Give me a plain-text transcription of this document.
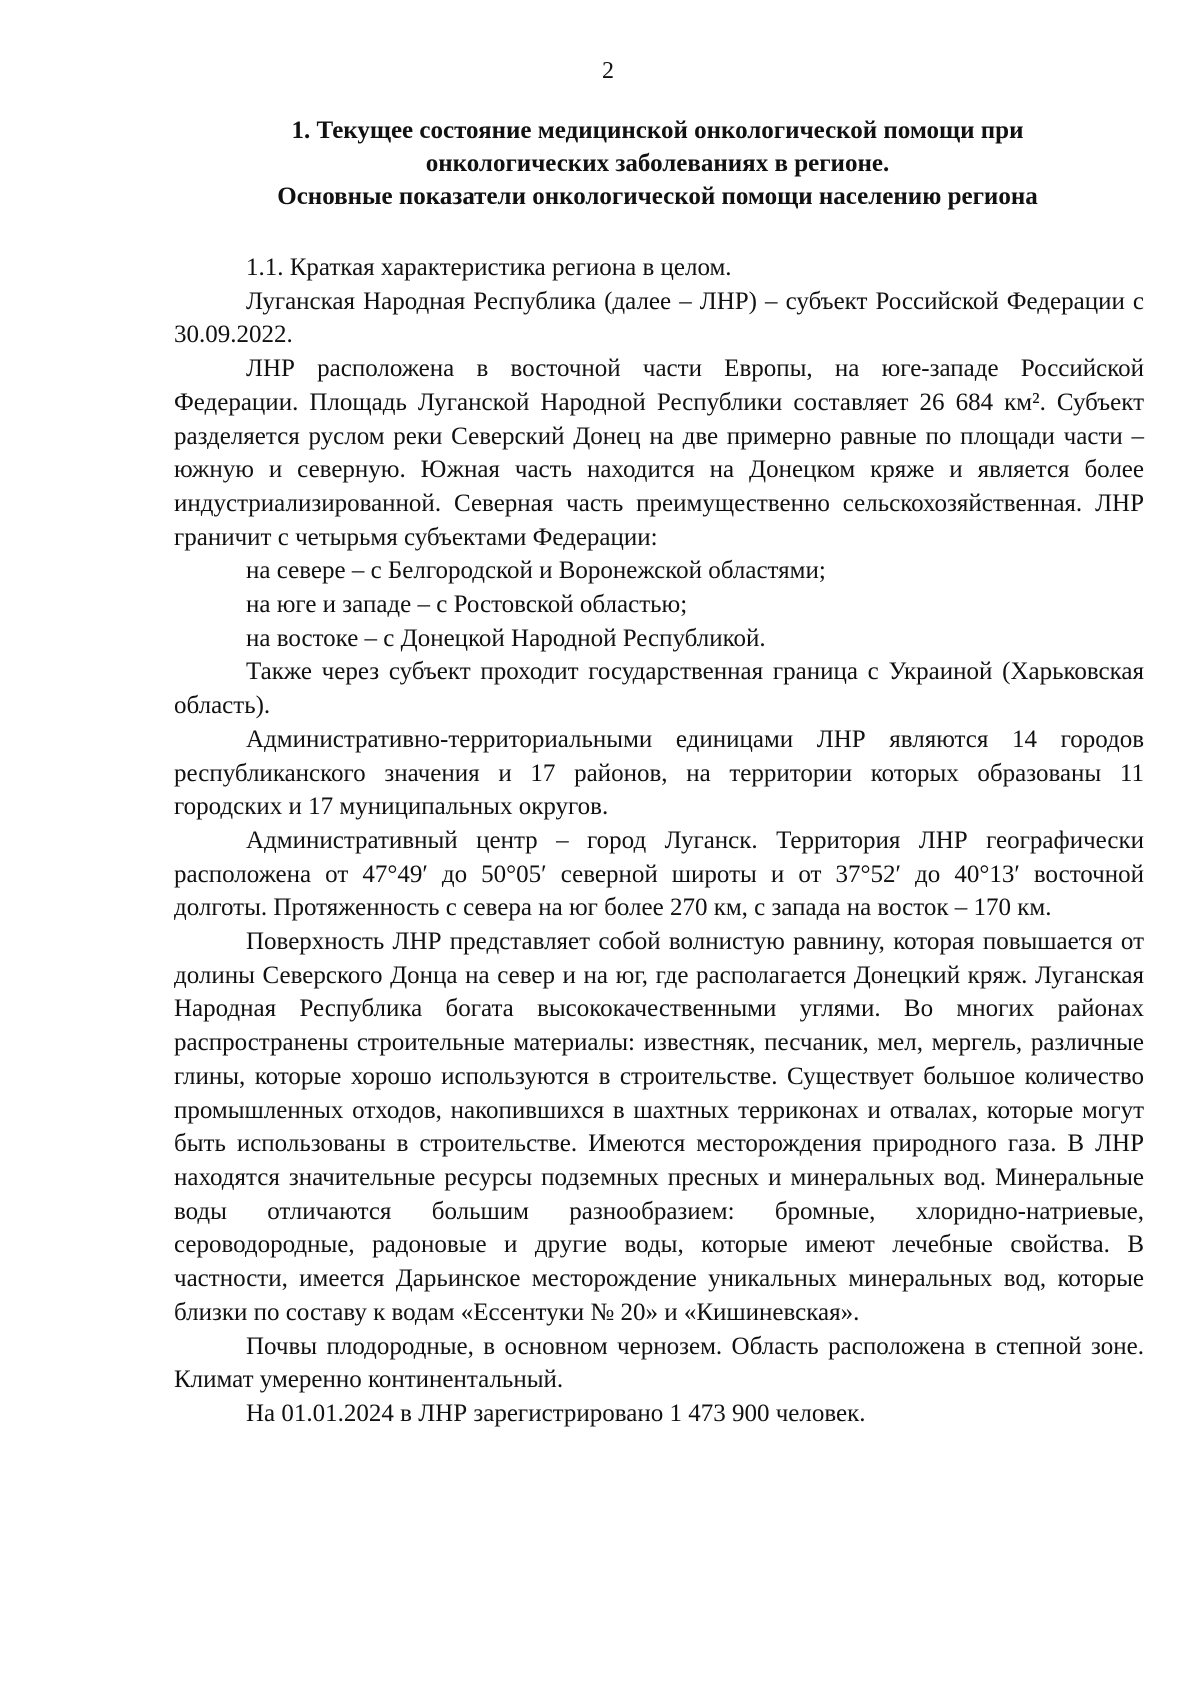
2
1. Текущее состояние медицинской онкологической помощи при
онкологических заболеваниях в регионе.
Основные показатели онкологической помощи населению региона

1.1. Краткая характеристика региона в целом.

Луганская Народная Республика (далее – ЛНР) – субъект Российской Федерации с 30.09.2022.

ЛНР расположена в восточной части Европы, на юге-западе Российской Федерации. Площадь Луганской Народной Республики составляет 26 684 км². Субъект разделяется руслом реки Северский Донец на две примерно равные по площади части – южную и северную. Южная часть находится на Донецком кряже и является более индустриализированной. Северная часть преимущественно сельскохозяйственная. ЛНР граничит с четырьмя субъектами Федерации:

на севере – с Белгородской и Воронежской областями;

на юге и западе – с Ростовской областью;

на востоке – с Донецкой Народной Республикой.

Также через субъект проходит государственная граница с Украиной (Харьковская область).

Административно-территориальными единицами ЛНР являются 14 городов республиканского значения и 17 районов, на территории которых образованы 11 городских и 17 муниципальных округов.

Административный центр – город Луганск. Территория ЛНР географически расположена от 47°49′ до 50°05′ северной широты и от 37°52′ до 40°13′ восточной долготы. Протяженность с севера на юг более 270 км, с запада на восток – 170 км.

Поверхность ЛНР представляет собой волнистую равнину, которая повышается от долины Северского Донца на север и на юг, где располагается Донецкий кряж. Луганская Народная Республика богата высококачественными углями. Во многих районах распространены строительные материалы: известняк, песчаник, мел, мергель, различные глины, которые хорошо используются в строительстве. Существует большое количество промышленных отходов, накопившихся в шахтных терриконах и отвалах, которые могут быть использованы в строительстве. Имеются месторождения природного газа. В ЛНР находятся значительные ресурсы подземных пресных и минеральных вод. Минеральные воды отличаются большим разнообразием: бромные, хлоридно-натриевые, сероводородные, радоновые и другие воды, которые имеют лечебные свойства. В частности, имеется Дарьинское месторождение уникальных минеральных вод, которые близки по составу к водам «Ессентуки № 20» и «Кишиневская».

Почвы плодородные, в основном чернозем. Область расположена в степной зоне. Климат умеренно континентальный.

На 01.01.2024 в ЛНР зарегистрировано 1 473 900 человек.
